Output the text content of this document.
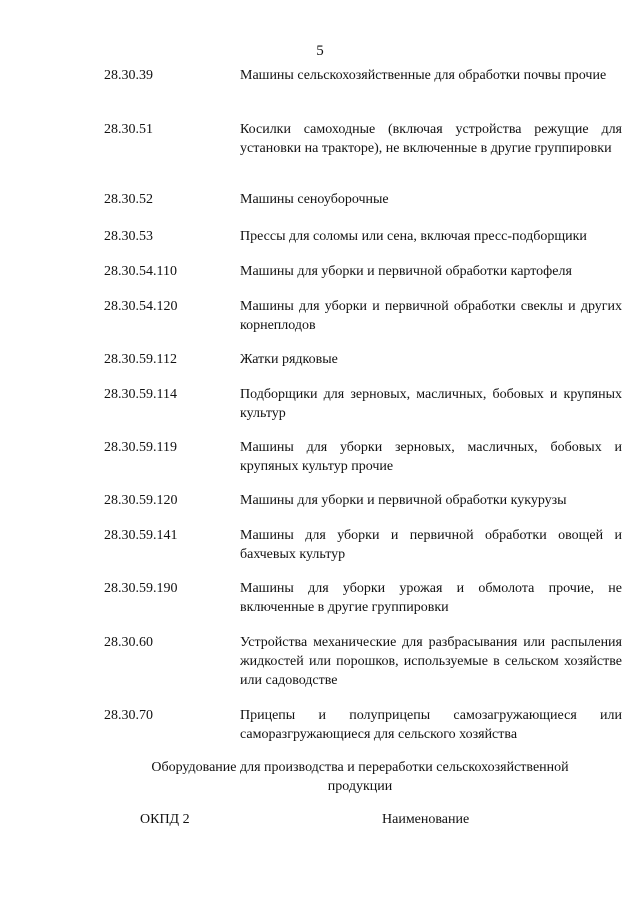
5
28.30.39	Машины сельскохозяйственные для обработки почвы прочие
28.30.51	Косилки самоходные (включая устройства режущие для установки на тракторе), не включенные в другие группировки
28.30.52	Машины сеноуборочные
28.30.53	Прессы для соломы или сена, включая пресс-подборщики
28.30.54.110	Машины для уборки и первичной обработки картофеля
28.30.54.120	Машины для уборки и первичной обработки свеклы и других корнеплодов
28.30.59.112	Жатки рядковые
28.30.59.114	Подборщики для зерновых, масличных, бобовых и крупяных культур
28.30.59.119	Машины для уборки зерновых, масличных, бобовых и крупяных культур прочие
28.30.59.120	Машины для уборки и первичной обработки кукурузы
28.30.59.141	Машины для уборки и первичной обработки овощей и бахчевых культур
28.30.59.190	Машины для уборки урожая и обмолота прочие, не включенные в другие группировки
28.30.60	Устройства механические для разбрасывания или распыления жидкостей или порошков, используемые в сельском хозяйстве или садоводстве
28.30.70	Прицепы и полуприцепы самозагружающиеся или саморазгружающиеся для сельского хозяйства
Оборудование для производства и переработки сельскохозяйственной продукции
ОКПД 2	Наименование
